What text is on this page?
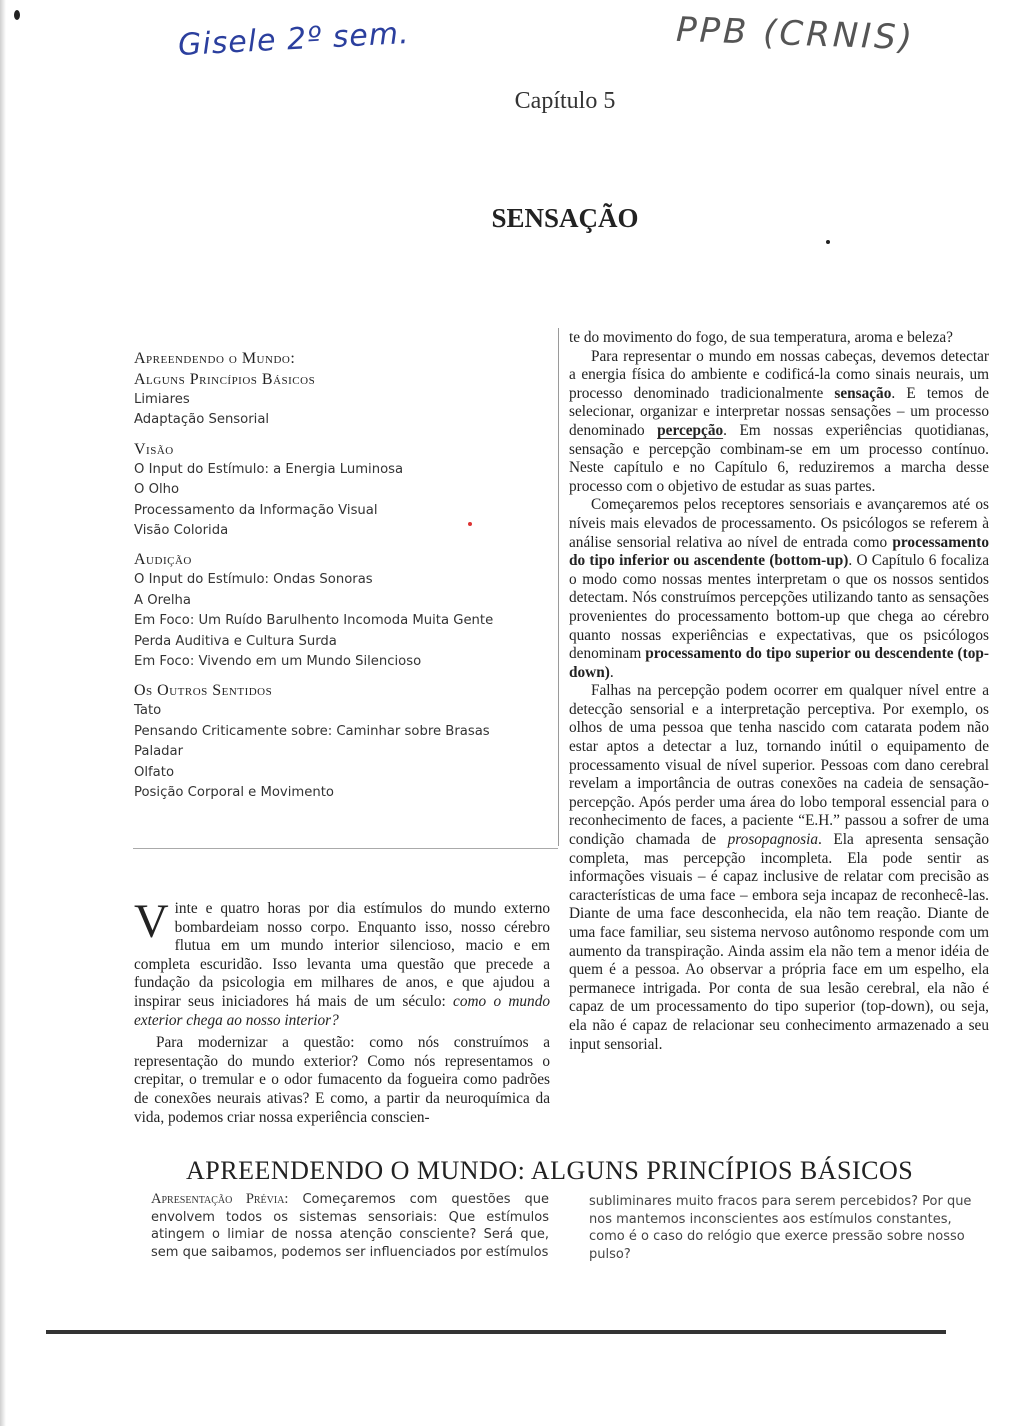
Gisele 2º sem.	PPB (CRNIS)
Capítulo 5
SENSAÇÃO
Apreendendo o Mundo:
Alguns Princípios Básicos
Limiares
Adaptação Sensorial
Visão
O Input do Estímulo: a Energia Luminosa
O Olho
Processamento da Informação Visual
Visão Colorida
Audição
O Input do Estímulo: Ondas Sonoras
A Orelha
Em Foco: Um Ruído Barulhento Incomoda Muita Gente
Perda Auditiva e Cultura Surda
Em Foco: Vivendo em um Mundo Silencioso
Os Outros Sentidos
Tato
Pensando Criticamente sobre: Caminhar sobre Brasas
Paladar
Olfato
Posição Corporal e Movimento

Vinte e quatro horas por dia estímulos do mundo externo bombardeiam nosso corpo. Enquanto isso, nosso cérebro flutua em um mundo interior silencioso, macio e em completa escuridão. Isso levanta uma questão que precede a fundação da psicologia em milhares de anos, e que ajudou a inspirar seus iniciadores há mais de um século: como o mundo exterior chega ao nosso interior?

Para modernizar a questão: como nós construímos a representação do mundo exterior? Como nós representamos o crepitar, o tremular e o odor fumacento da fogueira como padrões de conexões neurais ativas? E como, a partir da neuroquímica da vida, podemos criar nossa experiência conscien-

te do movimento do fogo, de sua temperatura, aroma e beleza?

Para representar o mundo em nossas cabeças, devemos detectar a energia física do ambiente e codificá-la como sinais neurais, um processo denominado tradicionalmente sensação. E temos de selecionar, organizar e interpretar nossas sensações – um processo denominado percepção. Em nossas experiências quotidianas, sensação e percepção combinam-se em um processo contínuo. Neste capítulo e no Capítulo 6, reduziremos a marcha desse processo com o objetivo de estudar as suas partes.

Começaremos pelos receptores sensoriais e avançaremos até os níveis mais elevados de processamento. Os psicólogos se referem à análise sensorial relativa ao nível de entrada como processamento do tipo inferior ou ascendente (bottom-up). O Capítulo 6 focaliza o modo como nossas mentes interpretam o que os nossos sentidos detectam. Nós construímos percepções utilizando tanto as sensações provenientes do processamento bottom-up que chega ao cérebro quanto nossas experiências e expectativas, que os psicólogos denominam processamento do tipo superior ou descendente (top-down).

Falhas na percepção podem ocorrer em qualquer nível entre a detecção sensorial e a interpretação perceptiva. Por exemplo, os olhos de uma pessoa que tenha nascido com catarata podem não estar aptos a detectar a luz, tornando inútil o equipamento de processamento visual de nível superior. Pessoas com dano cerebral revelam a importância de outras conexões na cadeia de sensação-percepção. Após perder uma área do lobo temporal essencial para o reconhecimento de faces, a paciente “E.H.” passou a sofrer de uma condição chamada de prosopagnosia. Ela apresenta sensação completa, mas percepção incompleta. Ela pode sentir as informações visuais – é capaz inclusive de relatar com precisão as características de uma face – embora seja incapaz de reconhecê-las. Diante de uma face desconhecida, ela não tem reação. Diante de uma face familiar, seu sistema nervoso autônomo responde com um aumento da transpiração. Ainda assim ela não tem a menor idéia de quem é a pessoa. Ao observar a própria face em um espelho, ela permanece intrigada. Por conta de sua lesão cerebral, ela não é capaz de um processamento do tipo superior (top-down), ou seja, ela não é capaz de relacionar seu conhecimento armazenado a seu input sensorial.

APREENDENDO O MUNDO: ALGUNS PRINCÍPIOS BÁSICOS
Apresentação Prévia: Começaremos com questões que envolvem todos os sistemas sensoriais: Que estímulos atingem o limiar de nossa atenção consciente? Será que, sem que saibamos, podemos ser influenciados por estímulos
subliminares muito fracos para serem percebidos? Por que nos mantemos inconscientes aos estímulos constantes, como é o caso do relógio que exerce pressão sobre nosso pulso?
